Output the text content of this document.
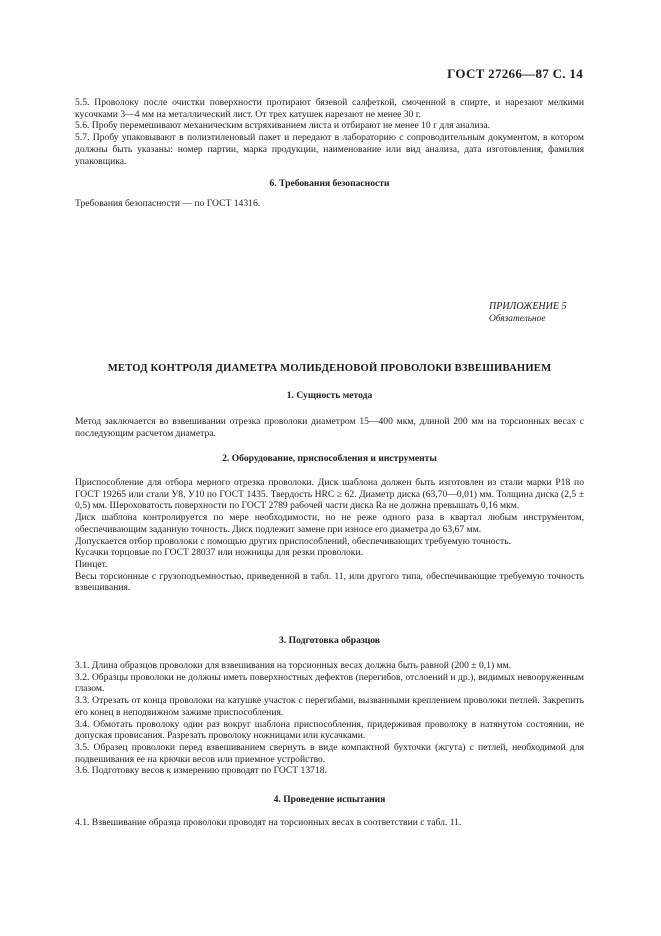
ГОСТ 27266—87 С. 14

5.5. Проволоку после очистки поверхности протирают бязевой салфеткой, смоченной в спирте, и нарезают мелкими кусочками 3—4 мм на металлический лист. От трех катушек нарезают не менее 30 г.

5.6. Пробу перемешивают механическим встряхиванием листа и отбирают не менее 10 г для анализа.

5.7. Пробу упаковывают в полиэтиленовый пакет и передают в лабораторию с сопроводительным документом, в котором должны быть указаны: номер партии, марка продукции, наименование или вид анализа, дата изготовления, фамилия упаковщика.

6. Требования безопасности

Требования безопасности — по ГОСТ 14316.

ПРИЛОЖЕНИЕ 5
Обязательное
МЕТОД КОНТРОЛЯ ДИАМЕТРА МОЛИБДЕНОВОЙ ПРОВОЛОКИ ВЗВЕШИВАНИЕМ
1. Сущность метода

Метод заключается во взвешивании отрезка проволоки диаметром 15—400 мкм, длиной 200 мм на торсионных весах с последующим расчетом диаметра.

2. Оборудование, приспособления и инструменты

Приспособление для отбора мерного отрезка проволоки. Диск шаблона должен быть изготовлен из стали марки Р18 по ГОСТ 19265 или стали У8, У10 по ГОСТ 1435. Твердость HRC ≥ 62. Диаметр диска (63,70—0,01) мм. Толщина диска (2,5 ± 0,5) мм. Шероховатость поверхности по ГОСТ 2789 рабочей части диска Ra не должна превышать 0,16 мкм.

Диск шаблона контролируется по мере необходимости, но не реже одного раза в квартал любым инструментом, обеспечивающим заданную точность. Диск подлежит замене при износе его диаметра до 63,67 мм.

Допускается отбор проволоки с помощью других приспособлений, обеспечивающих требуемую точность.

Кусачки торцовые по ГОСТ 28037 или ножницы для резки проволоки.

Пинцет.

Весы торсионные с грузоподъемностью, приведенной в табл. 11, или другого типа, обеспечивающие требуемую точность взвешивания.

3. Подготовка образцов

3.1. Длина образцов проволоки для взвешивания на торсионных весах должна быть равной (200 ± 0,1) мм.

3.2. Образцы проволоки не должны иметь поверхностных дефектов (перегибов, отслоений и др.), видимых невооруженным глазом.

3.3. Отрезать от конца проволоки на катушке участок с перегибами, вызванными креплением проволоки петлей. Закрепить его конец в неподвижном зажиме приспособления.

3.4. Обмотать проволоку один раз вокруг шаблона приспособления, придерживая проволоку в натянутом состоянии, не допуская провисания. Разрезать проволоку ножницами или кусачками.

3.5. Образец проволоки перед взвешиванием свернуть в виде компактной бухточки (жгута) с петлей, необходимой для подвешивания ее на крючки весов или приемное устройство.

3.6. Подготовку весов к измерению проводят по ГОСТ 13718.

4. Проведение испытания

4.1. Взвешивание образца проволоки проводят на торсионных весах в соответствии с табл. 11.
